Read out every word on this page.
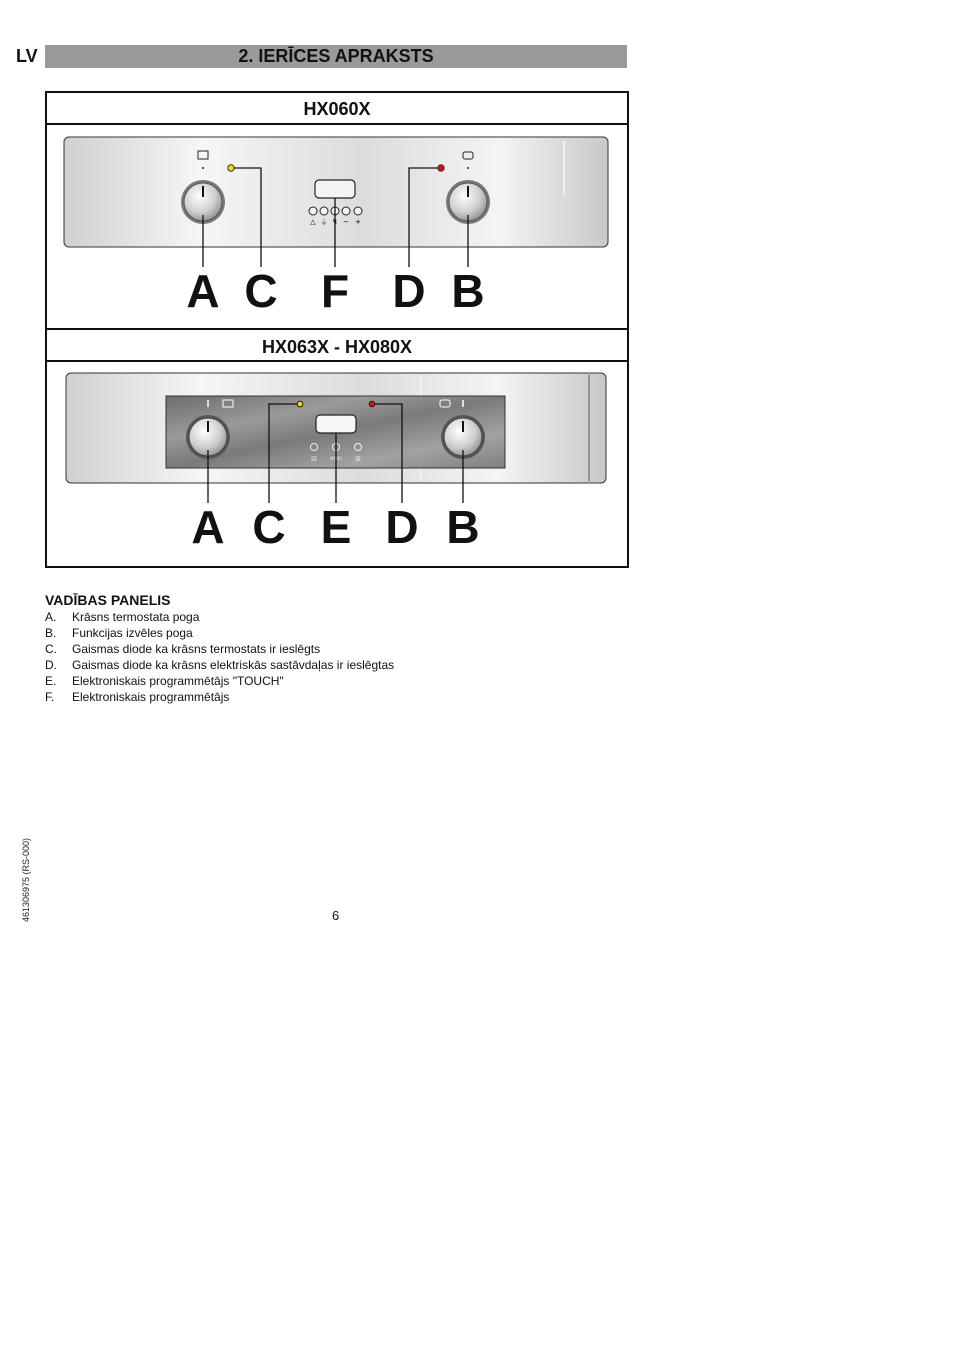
LV	2. IERĪCES APRAKSTS
HX060X
HX063X - HX080X
△ ⏚ ↯ − +
A C F D B
⊟	MENU ⊞
A C E D B
VADĪBAS PANELIS
A.	Krāsns termostata poga
B.	Funkcijas izvēles poga
C.	Gaismas diode ka krāsns termostats ir ieslēgts
D.	Gaismas diode ka krāsns elektriskās sastāvdaļas ir ieslēgtas
E.	Elektroniskais programmētājs "TOUCH"
F.	Elektroniskais programmētājs
6
461306975 (RS-000)
